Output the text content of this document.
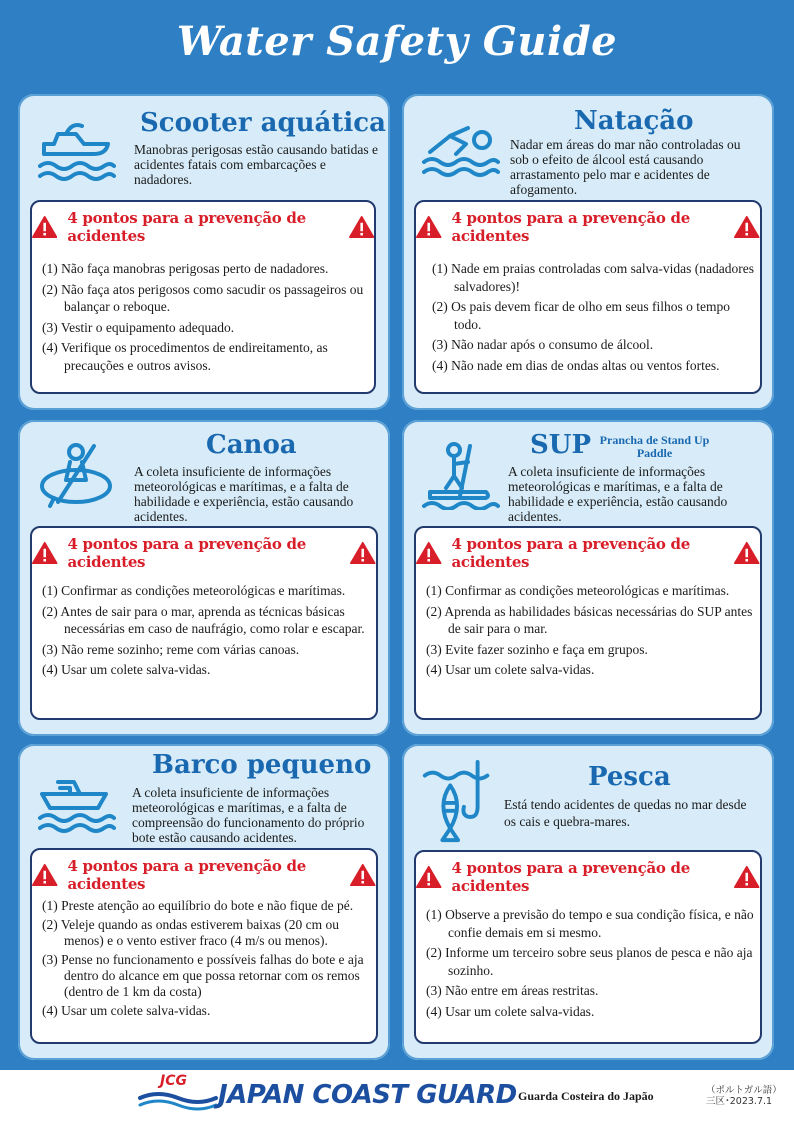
Water Safety Guide
Scooter aquática
Manobras perigosas estão causando batidas e acidentes fatais com embarcações e nadadores.
4 pontos para a prevenção de acidentes
(1) Não faça manobras perigosas perto de nadadores.
(2) Não faça atos perigosos como sacudir os passageiros ou balançar o reboque.
(3) Vestir o equipamento adequado.
(4) Verifique os procedimentos de endireitamento, as precauções e outros avisos.
Natação
Nadar em áreas do mar não controladas ou sob o efeito de álcool está causando arrastamento pelo mar e acidentes de afogamento.
4 pontos para a prevenção de acidentes
(1) Nade em praias controladas com salva-vidas (nadadores salvadores)!
(2) Os pais devem ficar de olho em seus filhos o tempo todo.
(3) Não nadar após o consumo de álcool.
(4) Não nade em dias de ondas altas ou ventos fortes.
Canoa
A coleta insuficiente de informações meteorológicas e marítimas, e a falta de habilidade e experiência, estão causando acidentes.
4 pontos para a prevenção de acidentes
(1) Confirmar as condições meteorológicas e marítimas.
(2) Antes de sair para o mar, aprenda as técnicas básicas necessárias em caso de naufrágio, como rolar e escapar.
(3) Não reme sozinho; reme com várias canoas.
(4) Usar um colete salva-vidas.
SUP Prancha de Stand Up Paddle
A coleta insuficiente de informações meteorológicas e marítimas, e a falta de habilidade e experiência, estão causando acidentes.
4 pontos para a prevenção de acidentes
(1) Confirmar as condições meteorológicas e marítimas.
(2) Aprenda as habilidades básicas necessárias do SUP antes de sair para o mar.
(3) Evite fazer sozinho e faça em grupos.
(4) Usar um colete salva-vidas.
Barco pequeno
A coleta insuficiente de informações meteorológicas e marítimas, e a falta de compreensão do funcionamento do próprio bote estão causando acidentes.
4 pontos para a prevenção de acidentes
(1) Preste atenção ao equilíbrio do bote e não fique de pé.
(2) Veleje quando as ondas estiverem baixas (20 cm ou menos) e o vento estiver fraco (4 m/s ou menos).
(3) Pense no funcionamento e possíveis falhas do bote e aja dentro do alcance em que possa retornar com os remos (dentro de 1 km da costa)
(4) Usar um colete salva-vidas.
Pesca
Está tendo acidentes de quedas no mar desde os cais e quebra-mares.
4 pontos para a prevenção de acidentes
(1) Observe a previsão do tempo e sua condição física, e não confie demais em si mesmo.
(2) Informe um terceiro sobre seus planos de pesca e não aja sozinho.
(3) Não entre em áreas restritas.
(4) Usar um colete salva-vidas.
JCG JAPAN COAST GUARD Guarda Costeira do Japão	（ポルトガル語）
三区･2023.7.1
